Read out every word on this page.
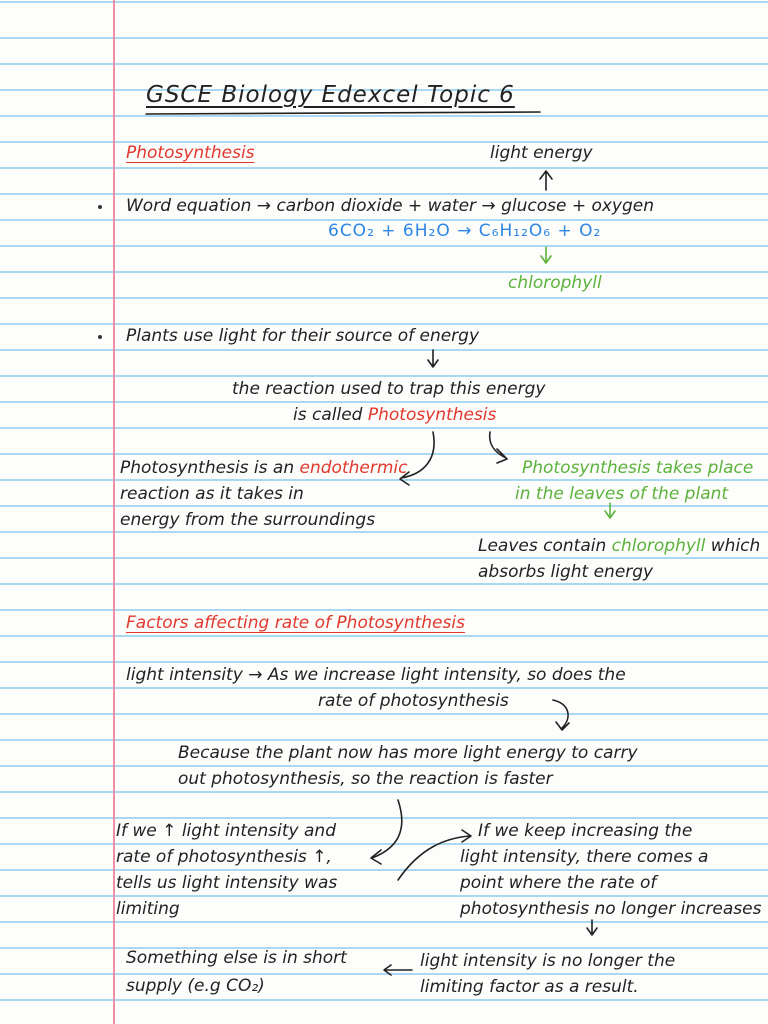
GSCE Biology Edexcel Topic 6
Photosynthesis	light energy
Word equation → carbon dioxide + water → glucose + oxygen
6CO₂ + 6H₂O → C₆H₁₂O₆ + O₂
chlorophyll
Plants use light for their source of energy
the reaction used to trap this energy
is called Photosynthesis
Photosynthesis is an endothermic
reaction as it takes in
energy from the surroundings
Photosynthesis takes place
in the leaves of the plant
Leaves contain chlorophyll which
absorbs light energy
Factors affecting rate of Photosynthesis
light intensity → As we increase light intensity, so does the
rate of photosynthesis
Because the plant now has more light energy to carry
out photosynthesis, so the reaction is faster
If we ↑ light intensity and
rate of photosynthesis ↑,
tells us light intensity was
limiting
If we keep increasing the
light intensity, there comes a
point where the rate of
photosynthesis no longer increases
Something else is in short
supply (e.g CO₂)
light intensity is no longer the
limiting factor as a result.
